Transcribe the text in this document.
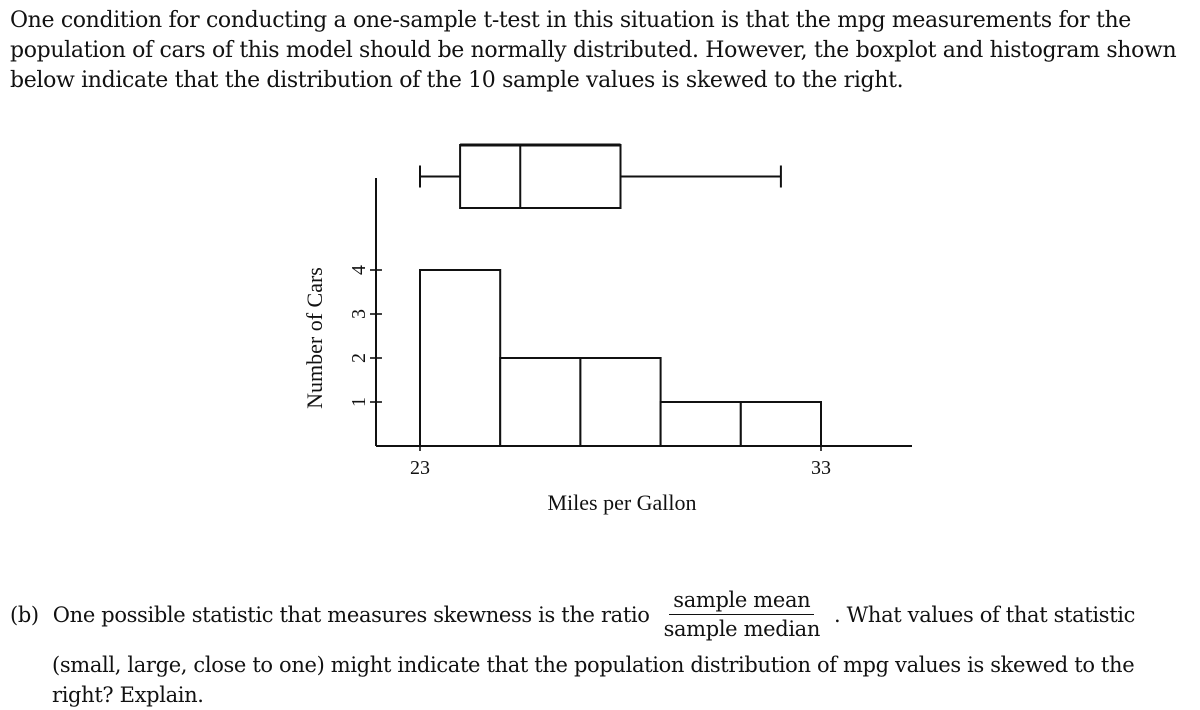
One condition for conducting a one-sample t-test in this situation is that the mpg measurements for the
population of cars of this model should be normally distributed. However, the boxplot and histogram shown
below indicate that the distribution of the 10 sample values is skewed to the right.
1
2
3
4
23	33
Miles per Gallon
Number of Cars
(b) One possible statistic that measures skewness is the ratio $\frac{\text{sample mean}}{\text{sample median}}$ . What values of that statistic
(small, large, close to one) might indicate that the population distribution of mpg values is skewed to the
right? Explain.
